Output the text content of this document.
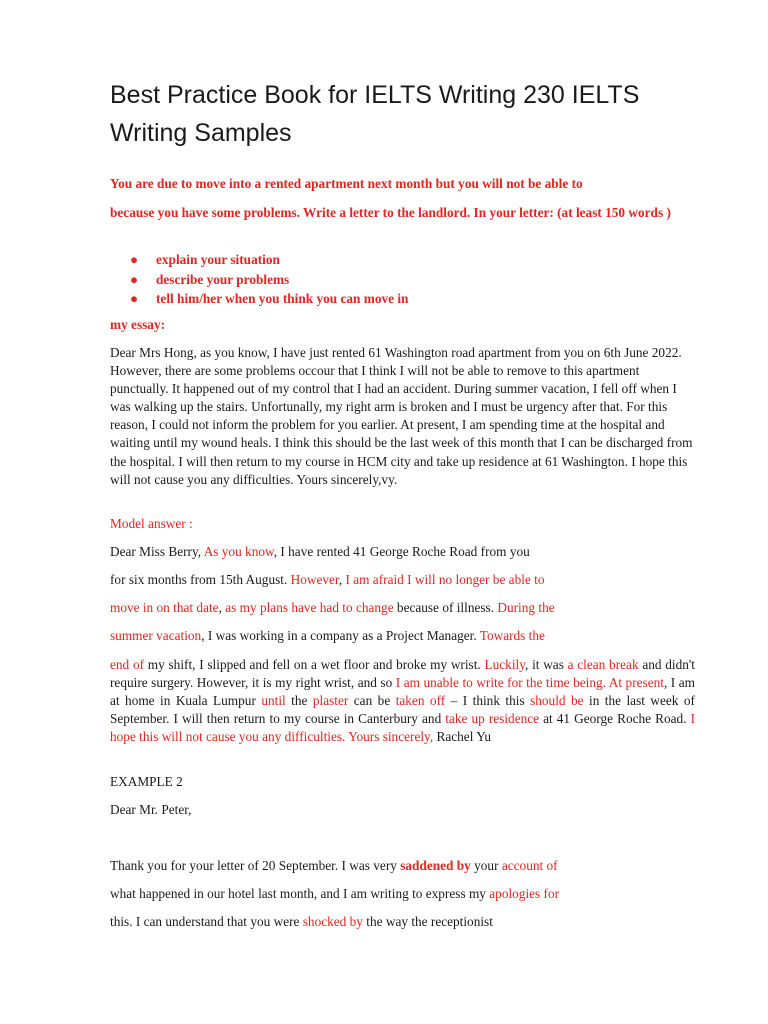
Best Practice Book for IELTS Writing 230 IELTS Writing Samples

You are due to move into a rented apartment next month but you will not be able to

because you have some problems. Write a letter to the landlord. In your letter: (at least 150 words )

● explain your situation
● describe your problems
● tell him/her when you think you can move in

my essay:

Dear Mrs Hong, as you know, I have just rented 61 Washington road apartment from you on 6th June 2022. However, there are some problems occour that I think I will not be able to remove to this apartment punctually. It happened out of my control that I had an accident. During summer vacation, I fell off when I was walking up the stairs. Unfortunally, my right arm is broken and I must be urgency after that. For this reason, I could not inform the problem for you earlier. At present, I am spending time at the hospital and waiting until my wound heals. I think this should be the last week of this month that I can be discharged from the hospital. I will then return to my course in HCM city and take up residence at 61 Washington. I hope this will not cause you any difficulties. Yours sincerely,vy.

Model answer :

Dear Miss Berry, As you know, I have rented 41 George Roche Road from you

for six months from 15th August. However, I am afraid I will no longer be able to

move in on that date, as my plans have had to change because of illness. During the

summer vacation, I was working in a company as a Project Manager. Towards the

end of my shift, I slipped and fell on a wet floor and broke my wrist. Luckily, it was a clean break and didn't require surgery. However, it is my right wrist, and so I am unable to write for the time being. At present, I am at home in Kuala Lumpur until the plaster can be taken off – I think this should be in the last week of September. I will then return to my course in Canterbury and take up residence at 41 George Roche Road. I hope this will not cause you any difficulties. Yours sincerely, Rachel Yu

EXAMPLE 2

Dear Mr. Peter,

Thank you for your letter of 20 September. I was very saddened by your account of

what happened in our hotel last month, and I am writing to express my apologies for

this. I can understand that you were shocked by the way the receptionist
